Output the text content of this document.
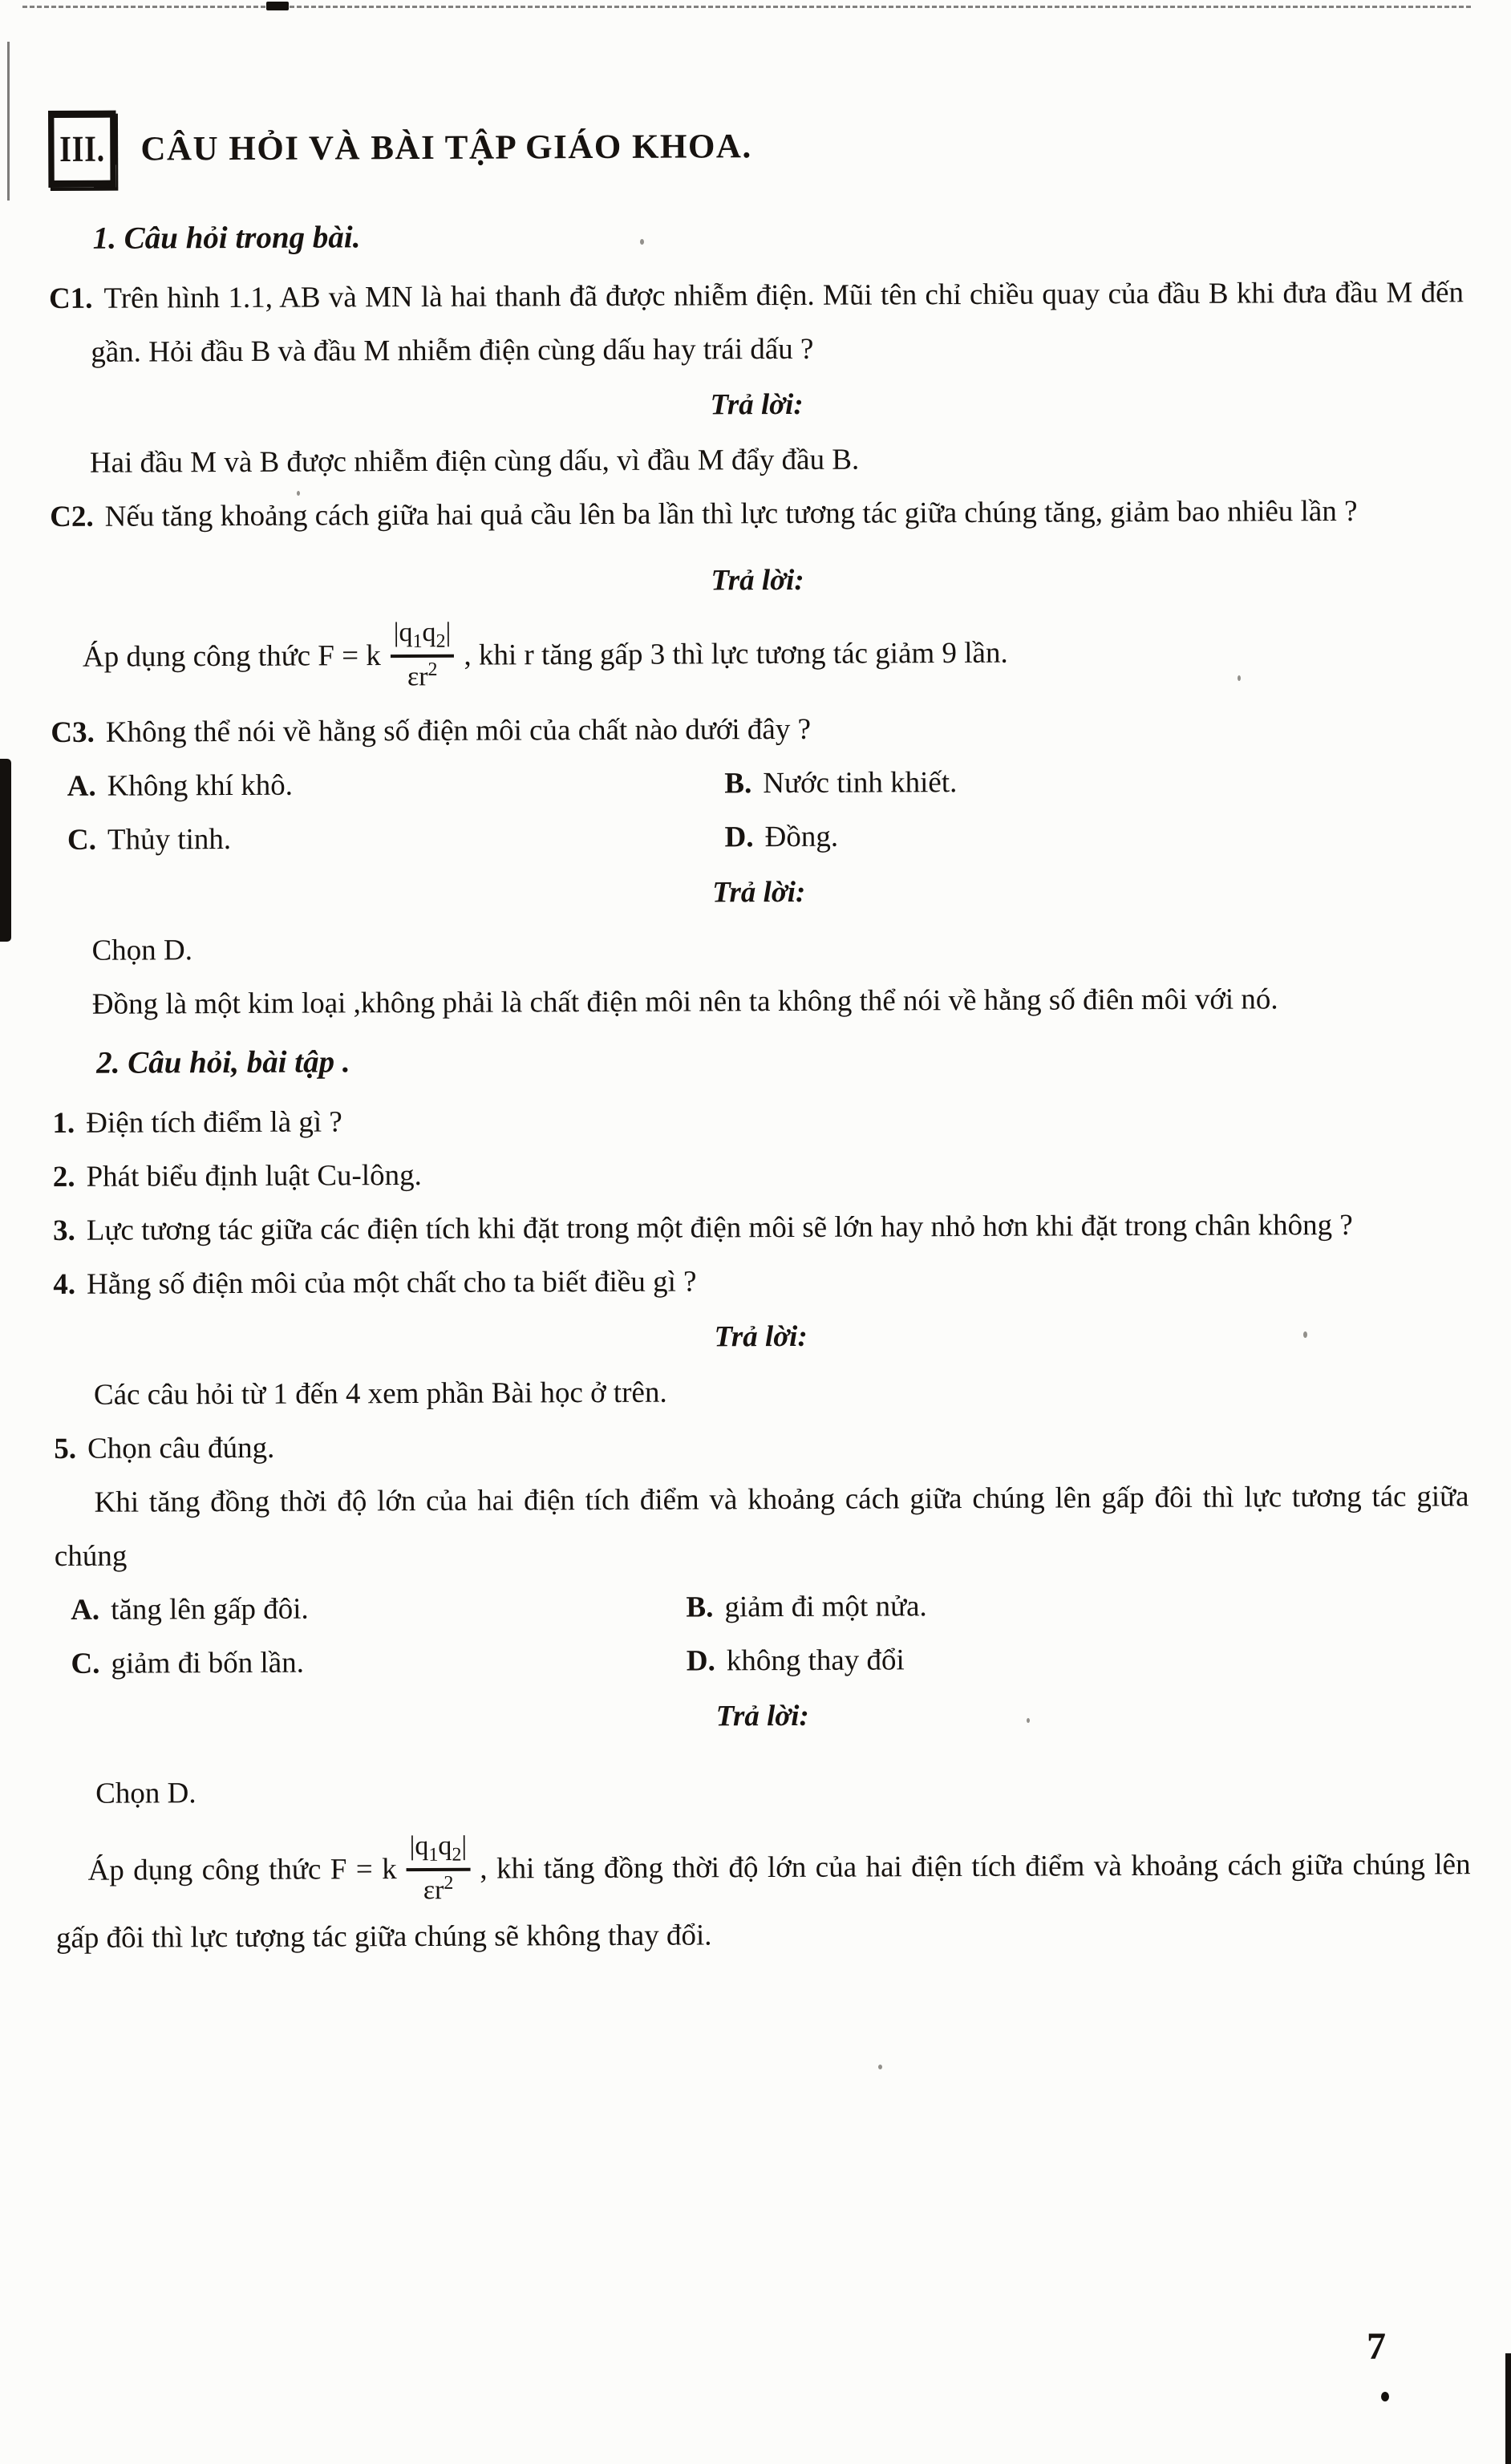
III.	CÂU HỎI VÀ BÀI TẬP GIÁO KHOA.

1. Câu hỏi trong bài.

C1. Trên hình 1.1, AB và MN là hai thanh đã được nhiễm điện. Mũi tên chỉ chiều quay của đầu B khi đưa đầu M đến gần. Hỏi đầu B và đầu M nhiễm điện cùng dấu hay trái dấu ?

Trả lời:

Hai đầu M và B được nhiễm điện cùng dấu, vì đầu M đẩy đầu B.

C2. Nếu tăng khoảng cách giữa hai quả cầu lên ba lần thì lực tương tác giữa chúng tăng, giảm bao nhiêu lần ?

Trả lời:

Áp dụng công thức F = k
$|q_1q_2|$
$\varepsilon r^2$ , khi r tăng gấp 3 thì lực tương tác giảm 9 lần.

C3. Không thể nói về hằng số điện môi của chất nào dưới đây ?

A. Không khí khô.	B. Nước tinh khiết.

C. Thủy tinh.	D. Đồng.

Trả lời:

Chọn D.

Đồng là một kim loại ,không phải là chất điện môi nên ta không thể nói về hằng số điên môi với nó.

2. Câu hỏi, bài tập .

1. Điện tích điểm là gì ?

2. Phát biểu định luật Cu-lông.

3. Lực tương tác giữa các điện tích khi đặt trong một điện môi sẽ lớn hay nhỏ hơn khi đặt trong chân không ?

4. Hằng số điện môi của một chất cho ta biết điều gì ?

Trả lời:

Các câu hỏi từ 1 đến 4 xem phần Bài học ở trên.

5. Chọn câu đúng.

Khi tăng đồng thời độ lớn của hai điện tích điểm và khoảng cách giữa chúng lên gấp đôi thì lực tương tác giữa chúng

A. tăng lên gấp đôi.	B. giảm đi một nửa.

C. giảm đi bốn lần.	D. không thay đổi

Trả lời:

Chọn D.

Áp dụng công thức F = k
$|q_1q_2|$
$\varepsilon r^2$ , khi tăng đồng thời độ lớn của hai điện tích điểm và khoảng cách giữa chúng lên gấp đôi thì lực tượng tác giữa chúng sẽ không thay đổi.

7
